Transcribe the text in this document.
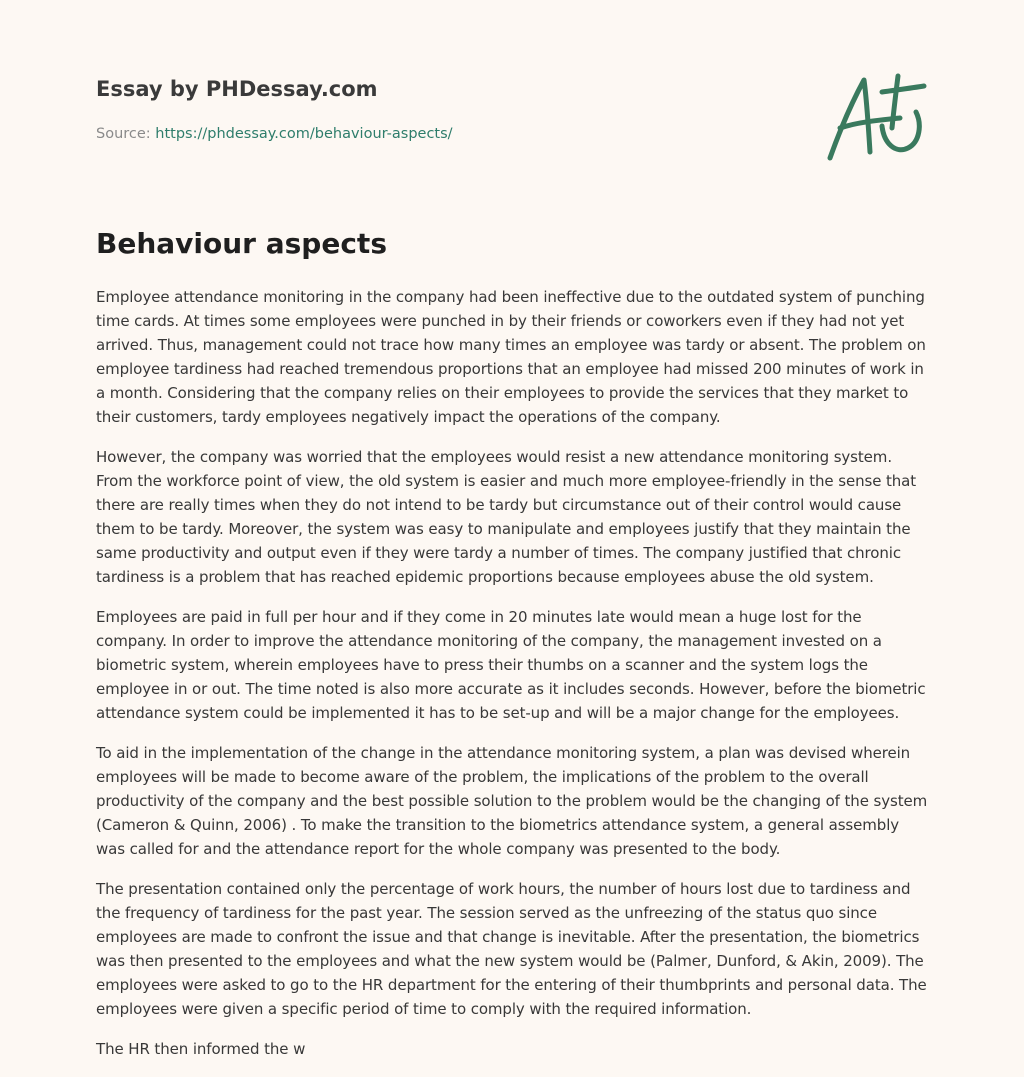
Essay by PHDessay.com
Source: https://phdessay.com/behaviour-aspects/
Behaviour aspects

Employee attendance monitoring in the company had been ineffective due to the outdated system of punching time cards. At times some employees were punched in by their friends or coworkers even if they had not yet arrived. Thus, management could not trace how many times an employee was tardy or absent. The problem on employee tardiness had reached tremendous proportions that an employee had missed 200 minutes of work in a month. Considering that the company relies on their employees to provide the services that they market to their customers, tardy employees negatively impact the operations of the company.

However, the company was worried that the employees would resist a new attendance monitoring system. From the workforce point of view, the old system is easier and much more employee-friendly in the sense that there are really times when they do not intend to be tardy but circumstance out of their control would cause them to be tardy. Moreover, the system was easy to manipulate and employees justify that they maintain the same productivity and output even if they were tardy a number of times. The company justified that chronic tardiness is a problem that has reached epidemic proportions because employees abuse the old system.

Employees are paid in full per hour and if they come in 20 minutes late would mean a huge lost for the company. In order to improve the attendance monitoring of the company, the management invested on a biometric system, wherein employees have to press their thumbs on a scanner and the system logs the employee in or out. The time noted is also more accurate as it includes seconds. However, before the biometric attendance system could be implemented it has to be set-up and will be a major change for the employees.

To aid in the implementation of the change in the attendance monitoring system, a plan was devised wherein employees will be made to become aware of the problem, the implications of the problem to the overall productivity of the company and the best possible solution to the problem would be the changing of the system (Cameron & Quinn, 2006) . To make the transition to the biometrics attendance system, a general assembly was called for and the attendance report for the whole company was presented to the body.

The presentation contained only the percentage of work hours, the number of hours lost due to tardiness and the frequency of tardiness for the past year. The session served as the unfreezing of the status quo since employees are made to confront the issue and that change is inevitable. After the presentation, the biometrics was then presented to the employees and what the new system would be (Palmer, Dunford, & Akin, 2009). The employees were asked to go to the HR department for the entering of their thumbprints and personal data. The employees were given a specific period of time to comply with the required information.

The HR then informed the w
